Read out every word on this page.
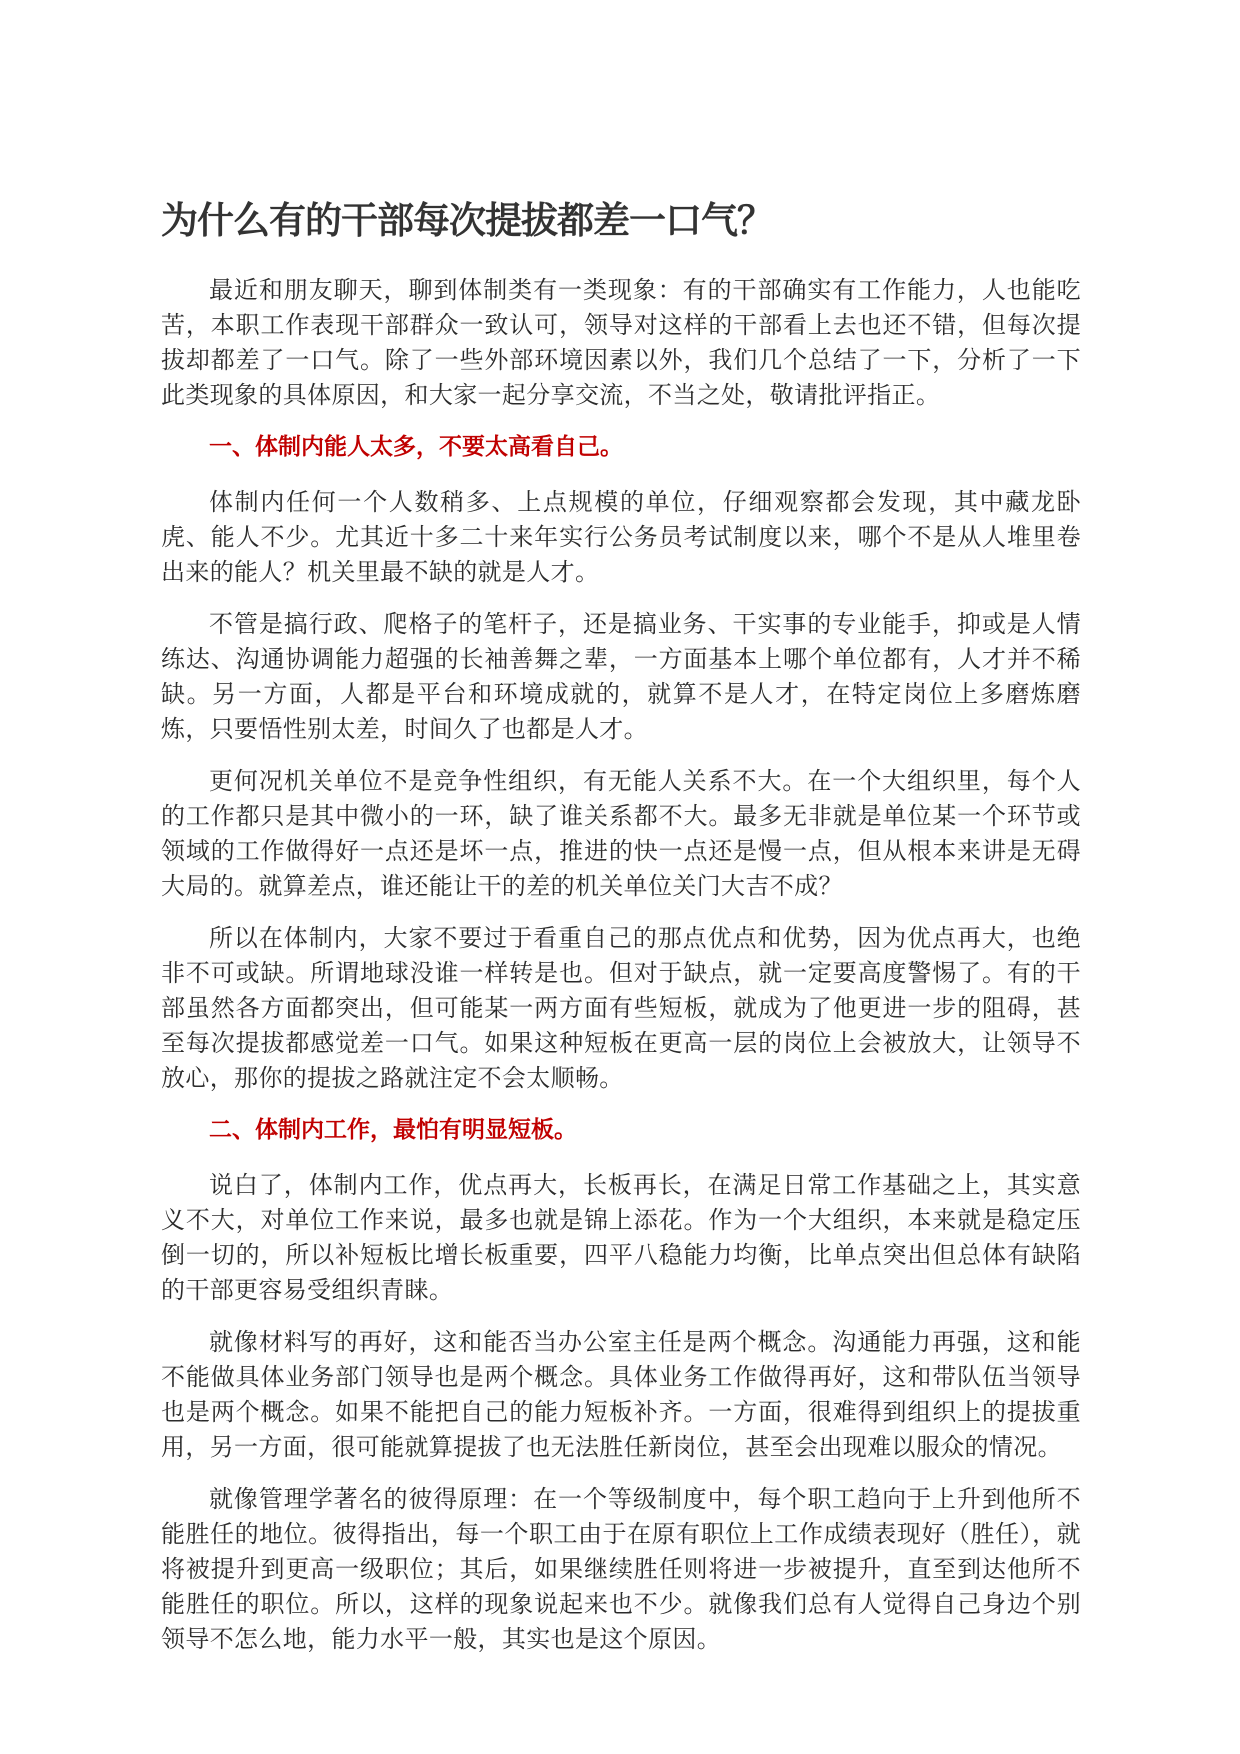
为什么有的干部每次提拔都差一口气？

最近和朋友聊天，聊到体制类有一类现象：有的干部确实有工作能力，人也能吃苦，本职工作表现干部群众一致认可，领导对这样的干部看上去也还不错，但每次提拔却都差了一口气。除了一些外部环境因素以外，我们几个总结了一下，分析了一下此类现象的具体原因，和大家一起分享交流，不当之处，敬请批评指正。

一、体制内能人太多，不要太高看自己。

体制内任何一个人数稍多、上点规模的单位，仔细观察都会发现，其中藏龙卧虎、能人不少。尤其近十多二十来年实行公务员考试制度以来，哪个不是从人堆里卷出来的能人？机关里最不缺的就是人才。

不管是搞行政、爬格子的笔杆子，还是搞业务、干实事的专业能手，抑或是人情练达、沟通协调能力超强的长袖善舞之辈，一方面基本上哪个单位都有，人才并不稀缺。另一方面，人都是平台和环境成就的，就算不是人才，在特定岗位上多磨炼磨炼，只要悟性别太差，时间久了也都是人才。

更何况机关单位不是竞争性组织，有无能人关系不大。在一个大组织里，每个人的工作都只是其中微小的一环，缺了谁关系都不大。最多无非就是单位某一个环节或领域的工作做得好一点还是坏一点，推进的快一点还是慢一点，但从根本来讲是无碍大局的。就算差点，谁还能让干的差的机关单位关门大吉不成？

所以在体制内，大家不要过于看重自己的那点优点和优势，因为优点再大，也绝非不可或缺。所谓地球没谁一样转是也。但对于缺点，就一定要高度警惕了。有的干部虽然各方面都突出，但可能某一两方面有些短板，就成为了他更进一步的阻碍，甚至每次提拔都感觉差一口气。如果这种短板在更高一层的岗位上会被放大，让领导不放心，那你的提拔之路就注定不会太顺畅。

二、体制内工作，最怕有明显短板。

说白了，体制内工作，优点再大，长板再长，在满足日常工作基础之上，其实意义不大，对单位工作来说，最多也就是锦上添花。作为一个大组织，本来就是稳定压倒一切的，所以补短板比增长板重要，四平八稳能力均衡，比单点突出但总体有缺陷的干部更容易受组织青睐。

就像材料写的再好，这和能否当办公室主任是两个概念。沟通能力再强，这和能不能做具体业务部门领导也是两个概念。具体业务工作做得再好，这和带队伍当领导也是两个概念。如果不能把自己的能力短板补齐。一方面，很难得到组织上的提拔重用，另一方面，很可能就算提拔了也无法胜任新岗位，甚至会出现难以服众的情况。

就像管理学著名的彼得原理：在一个等级制度中，每个职工趋向于上升到他所不能胜任的地位。彼得指出，每一个职工由于在原有职位上工作成绩表现好（胜任），就将被提升到更高一级职位；其后，如果继续胜任则将进一步被提升，直至到达他所不能胜任的职位。所以，这样的现象说起来也不少。就像我们总有人觉得自己身边个别领导不怎么地，能力水平一般，其实也是这个原因。
